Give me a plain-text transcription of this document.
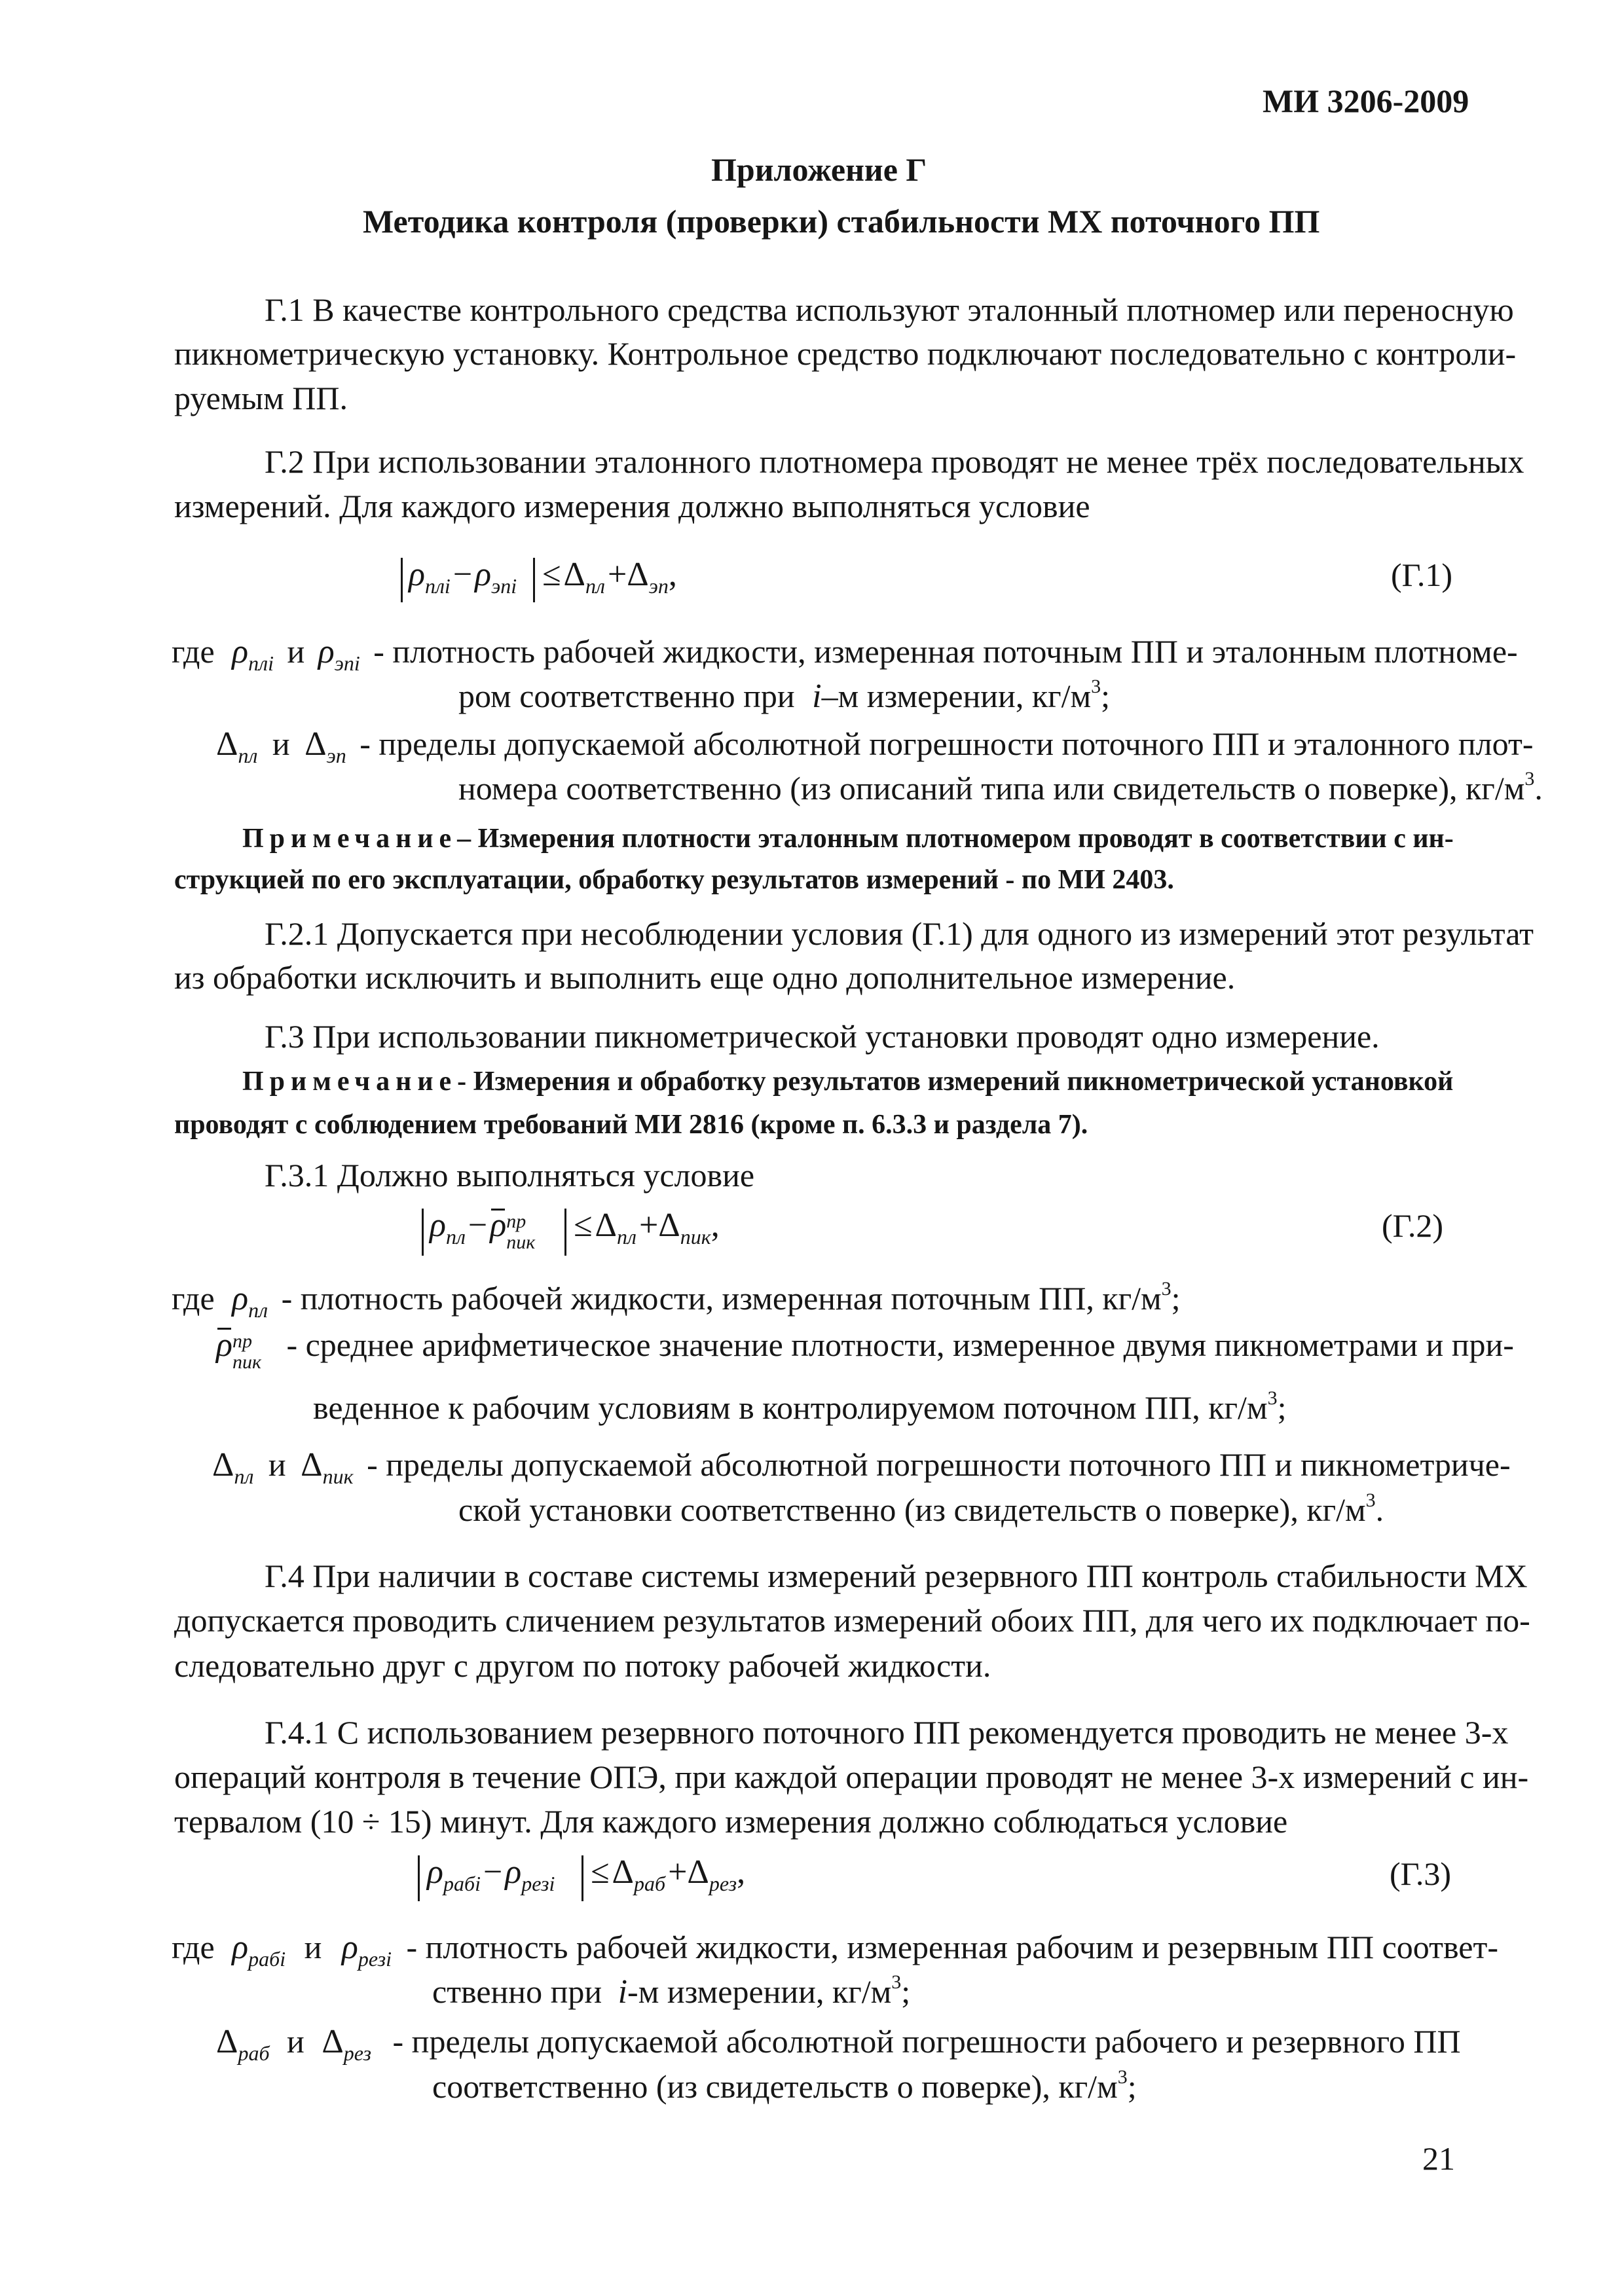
МИ 3206-2009
Приложение Г
Методика контроля (проверки) стабильности МХ поточного ПП
Г.1 В качестве контрольного средства используют эталонный плотномер или переносную
пикнометрическую установку. Контрольное средство подключают последовательно с контроли-
руемым ПП.
Г.2 При использовании эталонного плотномера проводят не менее трёх последовательных
измерений. Для каждого измерения должно выполняться условие
ρплi − ρэпi ≤ Δпл +Δэп,	(Г.1)
где $\rho_{плi}$ и $\rho_{эпi}$ - плотность рабочей жидкости, измеренная поточным ПП и эталонным плотноме-
ром соответственно при i–м измерении, $кг/м^3$;
$\Delta_{пл}$ и $\Delta_{эп}$ - пределы допускаемой абсолютной погрешности поточного ПП и эталонного плот-
номера соответственно (из описаний типа или свидетельств о поверке), $кг/м^3$.
Примечание– Измерения плотности эталонным плотномером проводят в соответствии с ин-
струкцией по его эксплуатации, обработку результатов измерений - по МИ 2403.
Г.2.1 Допускается при несоблюдении условия (Г.1) для одного из измерений этот результат
из обработки исключить и выполнить еще одно дополнительное измерение.
Г.3 При использовании пикнометрической установки проводят одно измерение.
Примечание- Измерения и обработку результатов измерений пикнометрической установкой
проводят с соблюдением требований МИ 2816 (кроме п. 6.3.3 и раздела 7).
Г.3.1 Должно выполняться условие
ρпл −
ρ пр
пик ≤ Δпл +Δпик,	(Г.2)
где $\rho_{пл}$ - плотность рабочей жидкости, измеренная поточным ПП, $кг/м^3$;
ρ пр
пик - среднее арифметическое значение плотности, измеренное двумя пикнометрами и при-
веденное к рабочим условиям в контролируемом поточном ПП, $кг/м^3$;
$\Delta_{пл}$ и $\Delta_{пик}$ - пределы допускаемой абсолютной погрешности поточного ПП и пикнометриче-
ской установки соответственно (из свидетельств о поверке), $кг/м^3$.
Г.4 При наличии в составе системы измерений резервного ПП контроль стабильности МХ
допускается проводить сличением результатов измерений обоих ПП, для чего их подключает по-
следовательно друг с другом по потоку рабочей жидкости.
Г.4.1 С использованием резервного поточного ПП рекомендуется проводить не менее 3-х
операций контроля в течение ОПЭ, при каждой операции проводят не менее 3-х измерений с ин-
тервалом (10 ÷ 15) минут. Для каждого измерения должно соблюдаться условие
ρрабi − ρрезi ≤ Δраб +Δрез,	(Г.3)
где $\rho_{рабi}$ и $\rho_{резi}$ - плотность рабочей жидкости, измеренная рабочим и резервным ПП соответ-
ственно при i-м измерении, $кг/м^3$;
$\Delta_{раб}$ и $\Delta_{рез}$ - пределы допускаемой абсолютной погрешности рабочего и резервного ПП
соответственно (из свидетельств о поверке), $кг/м^3$;
21
